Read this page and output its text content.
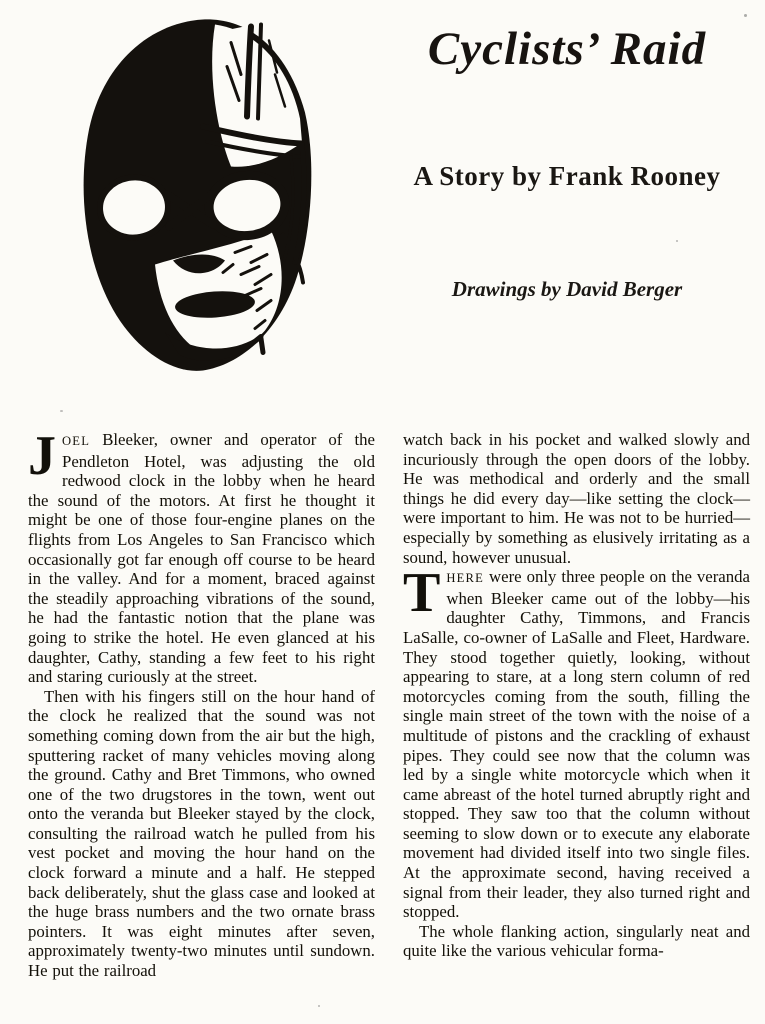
Cyclists’ Raid
A Story by Frank Rooney
Drawings by David Berger

JOEL Bleeker, owner and operator of the Pendleton Hotel, was adjusting the old redwood clock in the lobby when he heard the sound of the motors. At first he thought it might be one of those four-engine planes on the flights from Los Angeles to San Francisco which occasionally got far enough off course to be heard in the valley. And for a moment, braced against the steadily approaching vibrations of the sound, he had the fantastic notion that the plane was going to strike the hotel. He even glanced at his daughter, Cathy, standing a few feet to his right and staring curiously at the street.

Then with his fingers still on the hour hand of the clock he realized that the sound was not something coming down from the air but the high, sputtering racket of many vehicles moving along the ground. Cathy and Bret Timmons, who owned one of the two drugstores in the town, went out onto the veranda but Bleeker stayed by the clock, consulting the railroad watch he pulled from his vest pocket and moving the hour hand on the clock forward a minute and a half. He stepped back deliberately, shut the glass case and looked at the huge brass numbers and the two ornate brass pointers. It was eight minutes after seven, approximately twenty-two minutes until sundown. He put the railroad

watch back in his pocket and walked slowly and incuriously through the open doors of the lobby. He was methodical and orderly and the small things he did every day—like setting the clock—were important to him. He was not to be hurried—especially by something as elusively irritating as a sound, however unusual.

THERE were only three people on the veranda when Bleeker came out of the lobby—his daughter Cathy, Timmons, and Francis LaSalle, co-owner of LaSalle and Fleet, Hardware. They stood together quietly, looking, without appearing to stare, at a long stern column of red motorcycles coming from the south, filling the single main street of the town with the noise of a multitude of pistons and the crackling of exhaust pipes. They could see now that the column was led by a single white motorcycle which when it came abreast of the hotel turned abruptly right and stopped. They saw too that the column without seeming to slow down or to execute any elaborate movement had divided itself into two single files. At the approximate second, having received a signal from their leader, they also turned right and stopped.

The whole flanking action, singularly neat and quite like the various vehicular forma-
